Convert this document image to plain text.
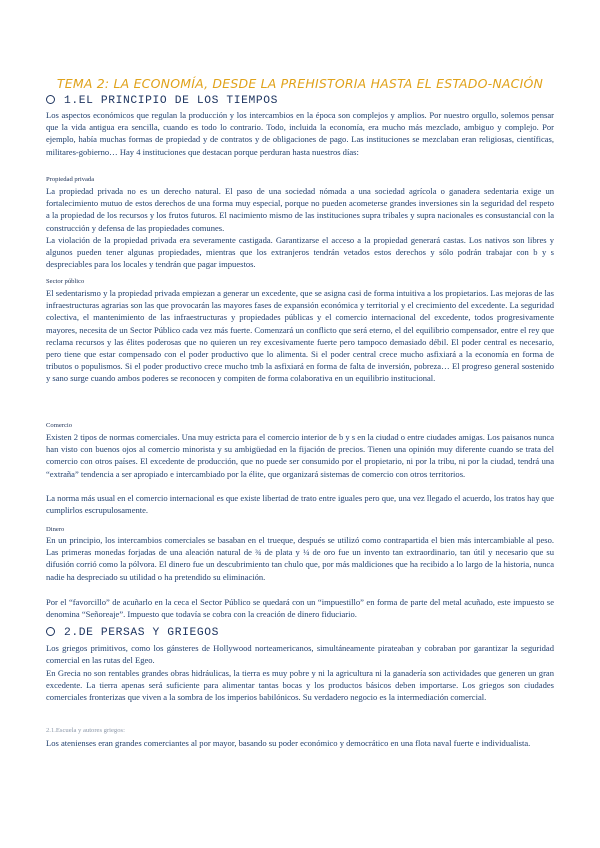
TEMA 2: LA ECONOMÍA, DESDE LA PREHISTORIA HASTA EL ESTADO-NACIÓN
1.EL PRINCIPIO DE LOS TIEMPOS
Los aspectos económicos que regulan la producción y los intercambios en la época son complejos y amplios. Por nuestro orgullo, solemos pensar que la vida antigua era sencilla, cuando es todo lo contrario. Todo, incluida la economía, era mucho más mezclado, ambiguo y complejo. Por ejemplo, había muchas formas de propiedad y de contratos y de obligaciones de pago. Las instituciones se mezclaban eran religiosas, científicas, militares-gobierno… Hay 4 instituciones que destacan porque perduran hasta nuestros días:
Propiedad privada
La propiedad privada no es un derecho natural. El paso de una sociedad nómada a una sociedad agrícola o ganadera sedentaria exige un fortalecimiento mutuo de estos derechos de una forma muy especial, porque no pueden acometerse grandes inversiones sin la seguridad del respeto a la propiedad de los recursos y los frutos futuros. El nacimiento mismo de las instituciones supra tribales y supra nacionales es consustancial con la construcción y defensa de las propiedades comunes.
La violación de la propiedad privada era severamente castigada. Garantizarse el acceso a la propiedad generará castas. Los nativos son libres y algunos pueden tener algunas propiedades, mientras que los extranjeros tendrán vetados estos derechos y sólo podrán trabajar con b y s despreciables para los locales y tendrán que pagar impuestos.
Sector público
El sedentarismo y la propiedad privada empiezan a generar un excedente, que se asigna casi de forma intuitiva a los propietarios. Las mejoras de las infraestructuras agrarias son las que provocarán las mayores fases de expansión económica y territorial y el crecimiento del excedente. La seguridad colectiva, el mantenimiento de las infraestructuras y propiedades públicas y el comercio internacional del excedente, todos progresivamente mayores, necesita de un Sector Público cada vez más fuerte. Comenzará un conflicto que será eterno, el del equilibrio compensador, entre el rey que reclama recursos y las élites poderosas que no quieren un rey excesivamente fuerte pero tampoco demasiado débil. El poder central es necesario, pero tiene que estar compensado con el poder productivo que lo alimenta. Si el poder central crece mucho asfixiará a la economía en forma de tributos o populismos. Si el poder productivo crece mucho tmb la asfixiará en forma de falta de inversión, pobreza… El progreso general sostenido y sano surge cuando ambos poderes se reconocen y compiten de forma colaborativa en un equilibrio institucional.
Comercio
Existen 2 tipos de normas comerciales. Una muy estricta para el comercio interior de b y s en la ciudad o entre ciudades amigas. Los paisanos nunca han visto con buenos ojos al comercio minorista y su ambigüedad en la fijación de precios. Tienen una opinión muy diferente cuando se trata del comercio con otros países. El excedente de producción, que no puede ser consumido por el propietario, ni por la tribu, ni por la ciudad, tendrá una “extraña” tendencia a ser apropiado e intercambiado por la élite, que organizará sistemas de comercio con otros territorios.
La norma más usual en el comercio internacional es que existe libertad de trato entre iguales pero que, una vez llegado el acuerdo, los tratos hay que cumplirlos escrupulosamente.
Dinero
En un principio, los intercambios comerciales se basaban en el trueque, después se utilizó como contrapartida el bien más intercambiable al peso. Las primeras monedas forjadas de una aleación natural de ¾ de plata y ¼ de oro fue un invento tan extraordinario, tan útil y necesario que su difusión corrió como la pólvora. El dinero fue un descubrimiento tan chulo que, por más maldiciones que ha recibido a lo largo de la historia, nunca nadie ha despreciado su utilidad o ha pretendido su eliminación.
Por el “favorcillo” de acuñarlo en la ceca el Sector Público se quedará con un “impuestillo” en forma de parte del metal acuñado, este impuesto se denomina “Señoreaje”. Impuesto que todavía se cobra con la creación de dinero fiduciario.
2.DE PERSAS Y GRIEGOS
Los griegos primitivos, como los gánsteres de Hollywood norteamericanos, simultáneamente pirateaban y cobraban por garantizar la seguridad comercial en las rutas del Egeo.
En Grecia no son rentables grandes obras hidráulicas, la tierra es muy pobre y ni la agricultura ni la ganadería son actividades que generen un gran excedente. La tierra apenas será suficiente para alimentar tantas bocas y los productos básicos deben importarse. Los griegos son ciudades comerciales fronterizas que viven a la sombra de los imperios babilónicos. Su verdadero negocio es la intermediación comercial.
2.1.Escuela y autores griegos:
Los atenienses eran grandes comerciantes al por mayor, basando su poder económico y democrático en una flota naval fuerte e individualista.
